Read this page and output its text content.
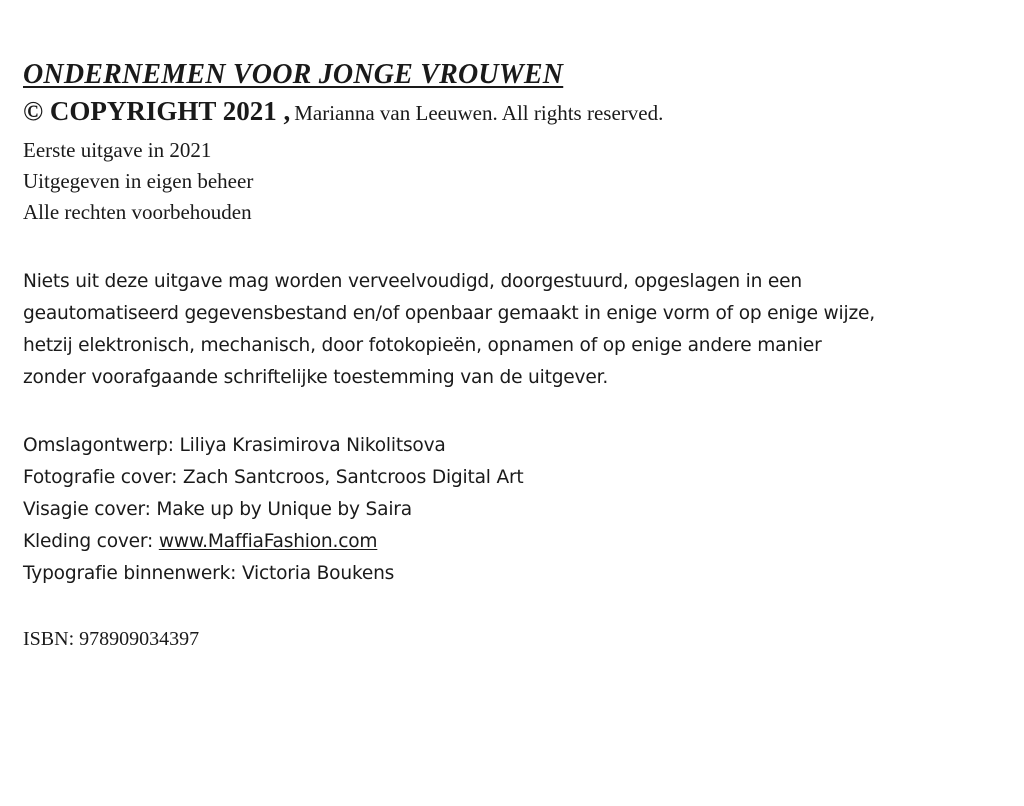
ONDERNEMEN VOOR JONGE VROUWEN

© COPYRIGHT 2021 , Marianna van Leeuwen. All rights reserved.

Eerste uitgave in 2021

Uitgegeven in eigen beheer

Alle rechten voorbehouden

Niets uit deze uitgave mag worden verveelvoudigd, doorgestuurd, opgeslagen in een
geautomatiseerd gegevensbestand en/of openbaar gemaakt in enige vorm of op enige wijze,
hetzij elektronisch, mechanisch, door fotokopieën, opnamen of op enige andere manier
zonder voorafgaande schriftelijke toestemming van de uitgever.

Omslagontwerp: Liliya Krasimirova Nikolitsova

Fotografie cover: Zach Santcroos, Santcroos Digital Art

Visagie cover: Make up by Unique by Saira

Kleding cover: www.MaffiaFashion.com

Typografie binnenwerk: Victoria Boukens

ISBN: 978909034397
